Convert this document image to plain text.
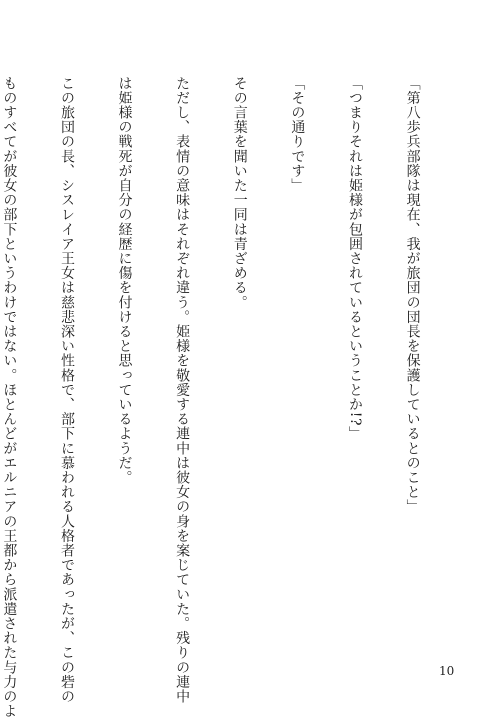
「第八歩兵部隊は現在、我が旅団の団長を保護しているとのこと」

「つまりそれは姫様が包囲されているということか!?」

「その通りです」

その言葉を聞いた一同は青ざめる。

ただし、表情の意味はそれぞれ違う。姫様を敬愛する連中は彼女の身を案じていた。残りの連中

は姫様の戦死が自分の経歴に傷を付けると思っているようだ。

この旅団の長、シスレイア王女は慈悲深い性格で、部下に慕われる人格者であったが、この砦の

ものすべてが彼女の部下というわけではない。ほとんどがエルニアの王都から派遣された与力のよ

	10
